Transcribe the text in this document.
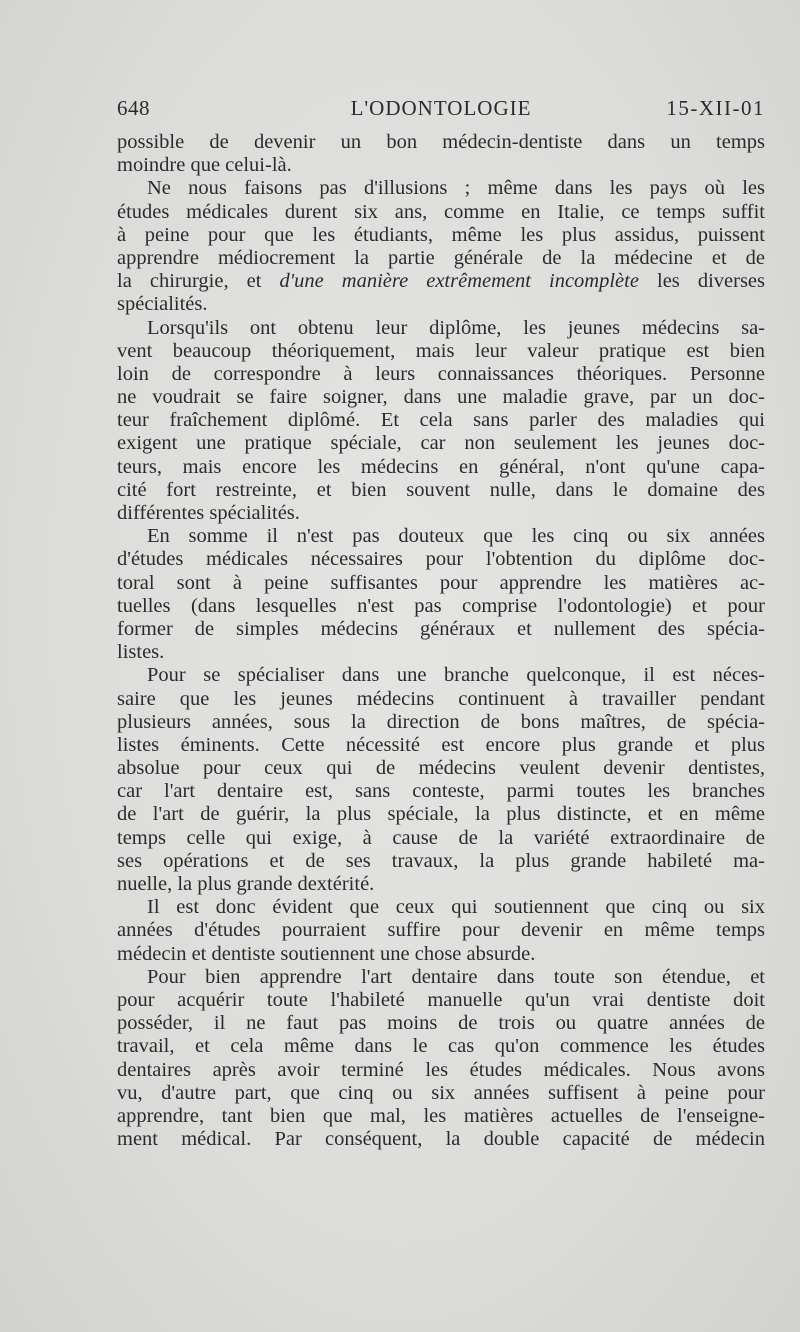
648	L'ODONTOLOGIE	15-XII-01
possible de devenir un bon médecin-dentiste dans un temps
moindre que celui-là.
Ne nous faisons pas d'illusions ; même dans les pays où les
études médicales durent six ans, comme en Italie, ce temps suffit
à peine pour que les étudiants, même les plus assidus, puissent
apprendre médiocrement la partie générale de la médecine et de
la chirurgie, et d'une manière extrêmement incomplète les diverses
spécialités.
Lorsqu'ils ont obtenu leur diplôme, les jeunes médecins sa-
vent beaucoup théoriquement, mais leur valeur pratique est bien
loin de correspondre à leurs connaissances théoriques. Personne
ne voudrait se faire soigner, dans une maladie grave, par un doc-
teur fraîchement diplômé. Et cela sans parler des maladies qui
exigent une pratique spéciale, car non seulement les jeunes doc-
teurs, mais encore les médecins en général, n'ont qu'une capa-
cité fort restreinte, et bien souvent nulle, dans le domaine des
différentes spécialités.
En somme il n'est pas douteux que les cinq ou six années
d'études médicales nécessaires pour l'obtention du diplôme doc-
toral sont à peine suffisantes pour apprendre les matières ac-
tuelles (dans lesquelles n'est pas comprise l'odontologie) et pour
former de simples médecins généraux et nullement des spécia-
listes.
Pour se spécialiser dans une branche quelconque, il est néces-
saire que les jeunes médecins continuent à travailler pendant
plusieurs années, sous la direction de bons maîtres, de spécia-
listes éminents. Cette nécessité est encore plus grande et plus
absolue pour ceux qui de médecins veulent devenir dentistes,
car l'art dentaire est, sans conteste, parmi toutes les branches
de l'art de guérir, la plus spéciale, la plus distincte, et en même
temps celle qui exige, à cause de la variété extraordinaire de
ses opérations et de ses travaux, la plus grande habileté ma-
nuelle, la plus grande dextérité.
Il est donc évident que ceux qui soutiennent que cinq ou six
années d'études pourraient suffire pour devenir en même temps
médecin et dentiste soutiennent une chose absurde.
Pour bien apprendre l'art dentaire dans toute son étendue, et
pour acquérir toute l'habileté manuelle qu'un vrai dentiste doit
posséder, il ne faut pas moins de trois ou quatre années de
travail, et cela même dans le cas qu'on commence les études
dentaires après avoir terminé les études médicales. Nous avons
vu, d'autre part, que cinq ou six années suffisent à peine pour
apprendre, tant bien que mal, les matières actuelles de l'enseigne-
ment médical. Par conséquent, la double capacité de médecin
